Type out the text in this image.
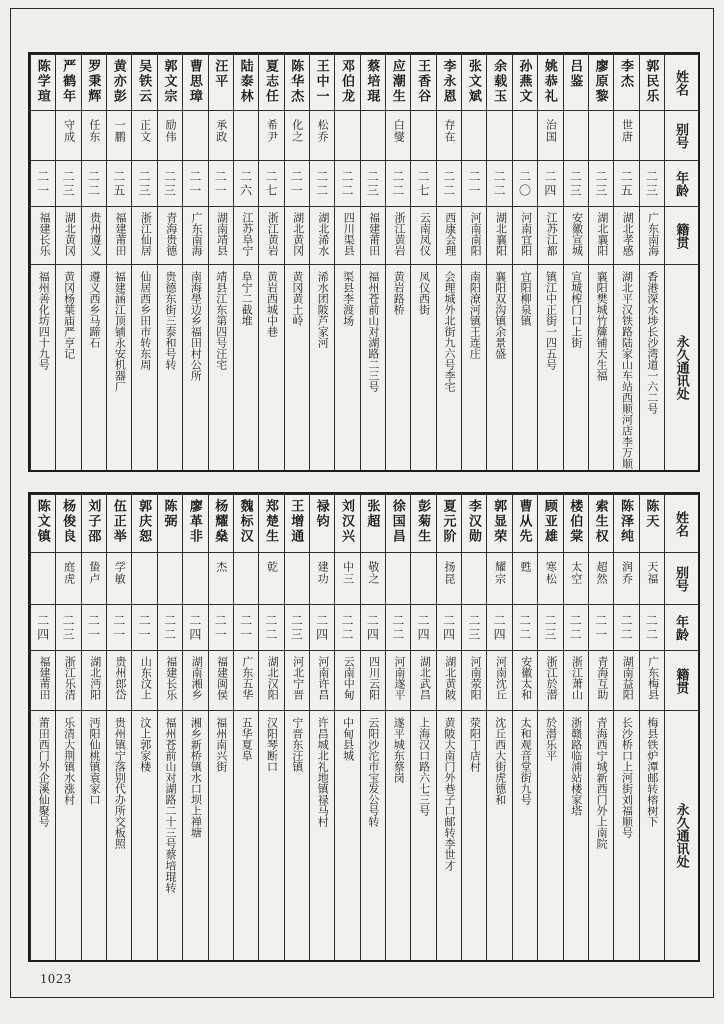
姓名
别号
年龄
籍贯
永久通讯处
郭民乐
二三
广东南海
香港深水埗长沙湾道一六二号
李杰
世唐
二五
湖北孝感
湖北平汉铁路陆家山车站西顺河店李万顺
廖原黎
二三
湖北襄阳
襄阳樊城竹簰铺天生福
吕鉴
二三
安徽宣城
宣城榨门口上街
姚恭礼
治国
二四
江苏江都
镇江中正街一四五号
孙燕文
二〇
河南宜阳
宜阳柳泉镇
余载玉
二二
湖北襄阳
襄阳双沟镇余景盛
张文斌
二一
河南南阳
南阳潦河镇王连庄
李永恩
存在
二二
西康会理
会理城外北街九六号李宅
王香谷
二七
云南凤仪
凤仪西街
应潮生
白燮
二二
浙江黄岩
黄岩路桥
蔡培琨
二三
福建莆田
福州苍前山对湖路二三号
邓伯龙
二二
四川渠县
渠县李渡场
王中一
松乔
二二
湖北浠水
浠水团陂芦家河
陈华杰
化之
二一
湖北黄冈
黄冈黄土岭
夏志任
希尹
二七
浙江黄岩
黄岩西城中巷
陆泰林
二六
江苏阜宁
阜宁二截堆
汪平
承政
二一
湖南靖县
靖县江东第四号汪宅
曹思璋
二一
广东南海
南海壆边乡福田村公所
郭文宗
励伟
二三
青海贵德
贵德东街三泰和号转
吴铁云
正文
二三
浙江仙居
仙居西乡田市转东周
黄亦彭
一鹏
二五
福建莆田
福建涵江顶铺永安机器厂
罗秉辉
任东
二二
贵州遵义
遵义西乡马蹄石
严鹤年
守成
二三
湖北黄冈
黄冈杨葉庙严亨记
陈学瑄
二一
福建长乐
福州善化坊四十九号
姓名
别号
年龄
籍贯
永久通讯处
陈天
天福
二二
广东梅县
梅县铁炉潭邮转榕树下
陈泽纯
润乔
二二
湖南益阳
长沙桥口上河街刘福顺号
索生权
超然
二一
青海互助
青海西宁城新西门外上南院
楼伯棠
太空
二二
浙江萧山
浙赣路临浦站楼家塔
顾亚雄
寒松
二三
浙江於潜
於潜乐平
曹从先
甦
二二
安徽太和
太和观音堂街九号
郭显荣
耀宗
二四
河南沈丘
沈丘西大街虎德和
李汉勋
二三
河南荥阳
荥阳丁店村
夏元阶
扬昆
二四
湖北黄陂
黄陂大南门外巷子口邮转李世才
彭菊生
二四
湖北武昌
上海汉口路六七三号
徐国昌
二二
河南遂平
遂平城东蔡岗
张超
敬之
二四
四川云阳
云阳沙沱市宝发公号转
刘汉兴
中三
二二
云南中甸
中甸县城
禄钧
建功
二四
河南许昌
许昌城北礼地镇禄马村
王增通
二三
河北宁晋
宁晋东汪镇
郑楚生
乾
二二
湖北汉阳
汉阳琴断口
魏标汉
二一
广东五华
五华夏阜
杨耀燊
杰
二一
福建闽侯
福州南兴街
廖革非
二四
湖南湘乡
湘乡新桥镇水口坝上禅塘
陈弼
二二
福建长乐
福州苍前山对湖路二十三号蔡培琨转
郭庆恕
二一
山东汶上
汶上郭家楼
伍正举
学敏
二一
贵州郎岱
贵州镇宁落别代办所交板照
刘子邵
蛰卢
二一
湖北沔阳
沔阳仙桃镇袁家口
杨俊良
庭虎
二三
浙江乐清
乐清大荆镇水涨村
陈文镇
二四
福建莆田
莆田西门外企溪仙聚号
1023
